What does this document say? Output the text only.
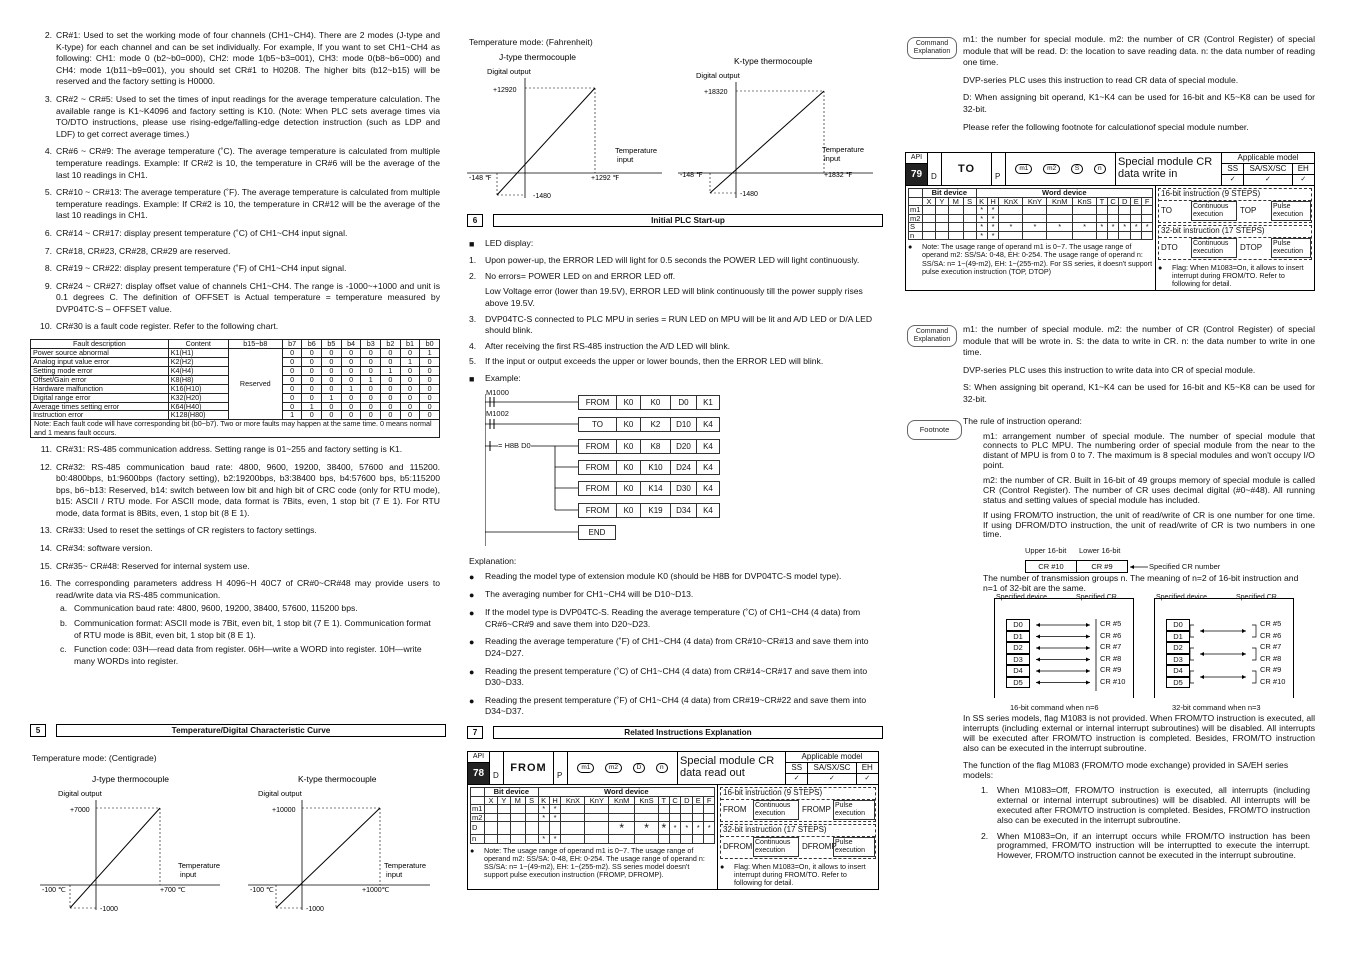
2. CR#1: Used to set the working mode of four channels (CH1~CH4). There are 2 modes (J-type and K-type) for each channel and can be set individually. For example, If you want to set CH1~CH4 as following: CH1: mode 0 (b2~b0=000), CH2: mode 1(b5~b3=001), CH3: mode 0(b8~b6=000) and CH4: mode 1(b11~b9=001), you should set CR#1 to H0208. The higher bits (b12~b15) will be reserved and the factory setting is H0000.
3. CR#2 ~ CR#5: Used to set the times of input readings for the average temperature calculation. The available range is K1~K4096 and factory setting is K10. (Note: When PLC sets average times via TO/DTO instructions, please use rising-edge/falling-edge detection instruction (such as LDP and LDF) to get correct average times.)
4. CR#6 ~ CR#9: The average temperature (˚C). The average temperature is calculated from multiple temperature readings. Example: If CR#2 is 10, the temperature in CR#6 will be the average of the last 10 readings in CH1.
5. CR#10 ~ CR#13: The average temperature (˚F). The average temperature is calculated from multiple temperature readings. Example: If CR#2 is 10, the temperature in CR#12 will be the average of the last 10 readings in CH1.
6. CR#14 ~ CR#17: display present temperature (˚C) of CH1~CH4 input signal.
7. CR#18, CR#23, CR#28, CR#29 are reserved.
8. CR#19 ~ CR#22: display present temperature (˚F) of CH1~CH4 input signal.
9. CR#24 ~ CR#27: display offset value of channels CH1~CH4. The range is -1000~+1000 and unit is 0.1 degrees C. The definition of OFFSET is Actual temperature = temperature measured by DVP04TC-S – OFFSET value.
10. CR#30 is a fault code register. Refer to the following chart.
Fault description	Content	b15~b8	b7	b6	b5	b4	b3	b2	b1	b0
Power source abnormal	K1(H1)	Reserved	0	0	0	0	0	0	0	1
Analog input value error	K2(H2)		0	0	0	0	0	0	1	0
Setting mode error	K4(H4)		0	0	0	0	0	1	0	0
Offset/Gain error	K8(H8)		0	0	0	0	1	0	0	0
Hardware malfunction	K16(H10)		0	0	0	1	0	0	0	0
Digital range error	K32(H20)		0	0	1	0	0	0	0	0
Average times setting error	K64(H40)		0	1	0	0	0	0	0	0
Instruction error	K128(H80)		1	0	0	0	0	0	0	0
Note: Each fault code will have corresponding bit (b0~b7). Two or more faults may happen at the same time. 0 means normal and 1 means fault occurs.
11. CR#31: RS-485 communication address. Setting range is 01~255 and factory setting is K1.
12. CR#32: RS-485 communication baud rate: 4800, 9600, 19200, 38400, 57600 and 115200. b0:4800bps, b1:9600bps (factory setting), b2:19200bps, b3:38400 bps, b4:57600 bps, b5:115200 bps, b6~b13: Reserved, b14: switch between low bit and high bit of CRC code (only for RTU mode), b15: ASCII / RTU mode. For ASCII mode, data format is 7Bits, even, 1 stop bit (7 E 1). For RTU mode, data format is 8Bits, even, 1 stop bit (8 E 1).
13. CR#33: Used to reset the settings of CR registers to factory settings.
14. CR#34: software version.
15. CR#35~ CR#48: Reserved for internal system use.
16. The corresponding parameters address H 4096~H 40C7 of CR#0~CR#48 may provide users to read/write data via RS-485 communication.
a. Communication baud rate: 4800, 9600, 19200, 38400, 57600, 115200 bps.
b. Communication format: ASCII mode is 7Bit, even bit, 1 stop bit (7 E 1). Communication format of RTU mode is 8Bit, even bit, 1 stop bit (8 E 1).
c. Function code: 03H—read data from register. 06H—write a WORD into register. 10H—write many WORDs into register.
5	Temperature/Digital Characteristic Curve
Temperature mode: (Centigrade)
J-type thermocouple
Digital output
+7000
-1000
-100 ℃	+700 ℃
Temperature
input
K-type thermocouple
Digital output
+10000
-1000
-100 ℃	+1000℃
Temperature
input
Temperature mode: (Fahrenheit)
J-type thermocouple
Digital output
+12920
-1480
-148 ℉	+1292 ℉
Temperature
input
K-type thermocouple
Digital output
+18320
-1480
-148 ℉	+1832 ℉
Temperature
input
6	Initial PLC Start-up
■	LED display:
1.	Upon power-up, the ERROR LED will light for 0.5 seconds the POWER LED will light continuously.
2.	No errors= POWER LED on and ERROR LED off.
Low Voltage error (lower than 19.5V), ERROR LED will blink continuously till the power supply rises above 19.5V.
3.	DVP04TC-S connected to PLC MPU in series = RUN LED on MPU will be lit and A/D LED or D/A LED should blink.
4.	After receiving the first RS-485 instruction the A/D LED will blink.
5.	If the input or output exceeds the upper or lower bounds, then the ERROR LED will blink.
■	Example:
M1000
M1002
= H8B D0
FROM	K0	K0	D0	K1
TO	K0	K2	D10	K4
FROM	K0	K8	D20	K4
FROM	K0	K10	D24	K4
FROM	K0	K14	D30	K4
FROM	K0	K19	D34	K4
END
Explanation:
●	Reading the model type of extension module K0 (should be H8B for DVP04TC-S model type).
●	The averaging number for CH1~CH4 will be D10~D13.
●	If the model type is DVP04TC-S. Reading the average temperature (˚C) of CH1~CH4 (4 data) from CR#6~CR#9 and save them into D20~D23.
●	Reading the average temperature (˚F) of CH1~CH4 (4 data) from CR#10~CR#13 and save them into D24~D27.
●	Reading the present temperature (˚C) of CH1~CH4 (4 data) from CR#14~CR#17 and save them into D30~D33.
●	Reading the present temperature (˚F) of CH1~CH4 (4 data) from CR#19~CR#22 and save them into D34~D37.
7	Related Instructions Explanation
API
78	D
FROM
P
m1	m2	D	n
Special module CR data read out
Applicable model
SS	SA/SX/SC	EH
✓	✓	✓
	Bit device				Word device										
	X	Y	M	S	K	H	KnX	KnY	KnM	KnS	T	C	D	E	F
m1					*	*									
m2					*	*									
D									*	*	*	*	*	*	*
n					*	*									
●	Note: The usage range of operand m1 is 0~7. The usage range of operand m2: SS/SA: 0-48, EH: 0-254. The usage range of operand n: SS/SA: n= 1~(49-m2), EH: 1~(255-m2). SS series model doesn't support pulse execution instruction (FROMP, DFROMP).
16-bit instruction (9 STEPS)
FROM	Continuous execution	FROMP Pulse execution
32-bit instruction (17 STEPS)
DFROM Continuous execution	DFROMP
Pulse execution
●	Flag: When M1083=On, it allows to insert interrupt during FROM/TO. Refer to following for detail.
Command Explanation
m1: the number for special module. m2: the number of CR (Control Register) of special module that will be read. D: the location to save reading data. n: the data number of reading one time.
DVP-series PLC uses this instruction to read CR data of special module.
D: When assigning bit operand, K1~K4 can be used for 16-bit and K5~K8 can be used for 32-bit.
Please refer the following footnote for calculationof special module number.
API
79	D
TO
P
m1	m2	S	n
Special module CR data write in
Applicable model
SS	SA/SX/SC	EH
✓	✓	✓
	Bit device				Word device										
	X	Y	M	S	K	H	KnX	KnY	KnM	KnS	T	C	D	E	F
m1					*	*									
m2					*	*									
S					*	*	*	*	*	*	*	*	*	*	*
n					*	*									
●	Note: The usage range of operand m1 is 0~7. The usage range of operand m2: SS/SA: 0-48, EH: 0-254. The usage range of operand n: SS/SA: n= 1~(49-m2), EH: 1~(255-m2). For SS series, it doesn't support pulse execution instruction (TOP, DTOP)
16-bit instruction (9 STEPS)
TO	Continuous execution	TOP	Pulse execution
32-bit instruction (17 STEPS)
DTO	Continuous execution	DTOP	Pulse execution
●	Flag: When M1083=On, it allows to insert interrupt during FROM/TO. Refer to following for detail.
Command Explanation
m1: the number of special module. m2: the number of CR (Control Register) of special module that will be wrote in. S: the data to write in CR. n: the data number to write in one time.
DVP-series PLC uses this instruction to write data into CR of special module.
S: When assigning bit operand, K1~K4 can be used for 16-bit and K5~K8 can be used for 32-bit.
Footnote
The rule of instruction operand:
m1: arrangement number of special module. The number of special module that connects to PLC MPU. The numbering order of special module from the near to the distant of MPU is from 0 to 7. The maximum is 8 special modules and won't occupy I/O point.
m2: the number of CR. Built in 16-bit of 49 groups memory of special module is called CR (Control Register). The number of CR uses decimal digital (#0~#48). All running status and setting values of special module has included.
If using FROM/TO instruction, the unit of read/write of CR is one number for one time. If using DFROM/DTO instruction, the unit of read/write of CR is two numbers in one time.
Upper 16-bit Lower 16-bit
CR #10	CR #9	Specified CR number
The number of transmission groups n. The meaning of n=2 of 16-bit instruction and n=1 of 32-bit are the same.
Specified device	Specified CR
D0
D1
D2
D3
D4
D5
CR #5
CR #6
CR #7
CR #8
CR #9
CR #10
16-bit command when n=6
Specified device	Specified CR
D0
D1
D2
D3
D4
D5
CR #5
CR #6
CR #7
CR #8
CR #9
CR #10
32-bit command when n=3
In SS series models, flag M1083 is not provided. When FROM/TO instruction is executed, all interrupts (including external or internal interrupt subroutines) will be disabled. All interrupts will be executed after FROM/TO instruction is completed. Besides, FROM/TO instruction also can be executed in the interrupt subroutine.
The function of the flag M1083 (FROM/TO mode exchange) provided in SA/EH series models:
1.	When M1083=Off, FROM/TO instruction is executed, all interrupts (including external or internal interrupt subroutines) will be disabled. All interrupts will be executed after FROM/TO instruction is completed. Besides, FROM/TO instruction also can be executed in the interrupt subroutine.
2.	When M1083=On, if an interrupt occurs while FROM/TO instruction has been programmed, FROM/TO instruction will be interruptted to execute the interrupt. However, FROM/TO instruction cannot be executed in the interrupt subroutine.
